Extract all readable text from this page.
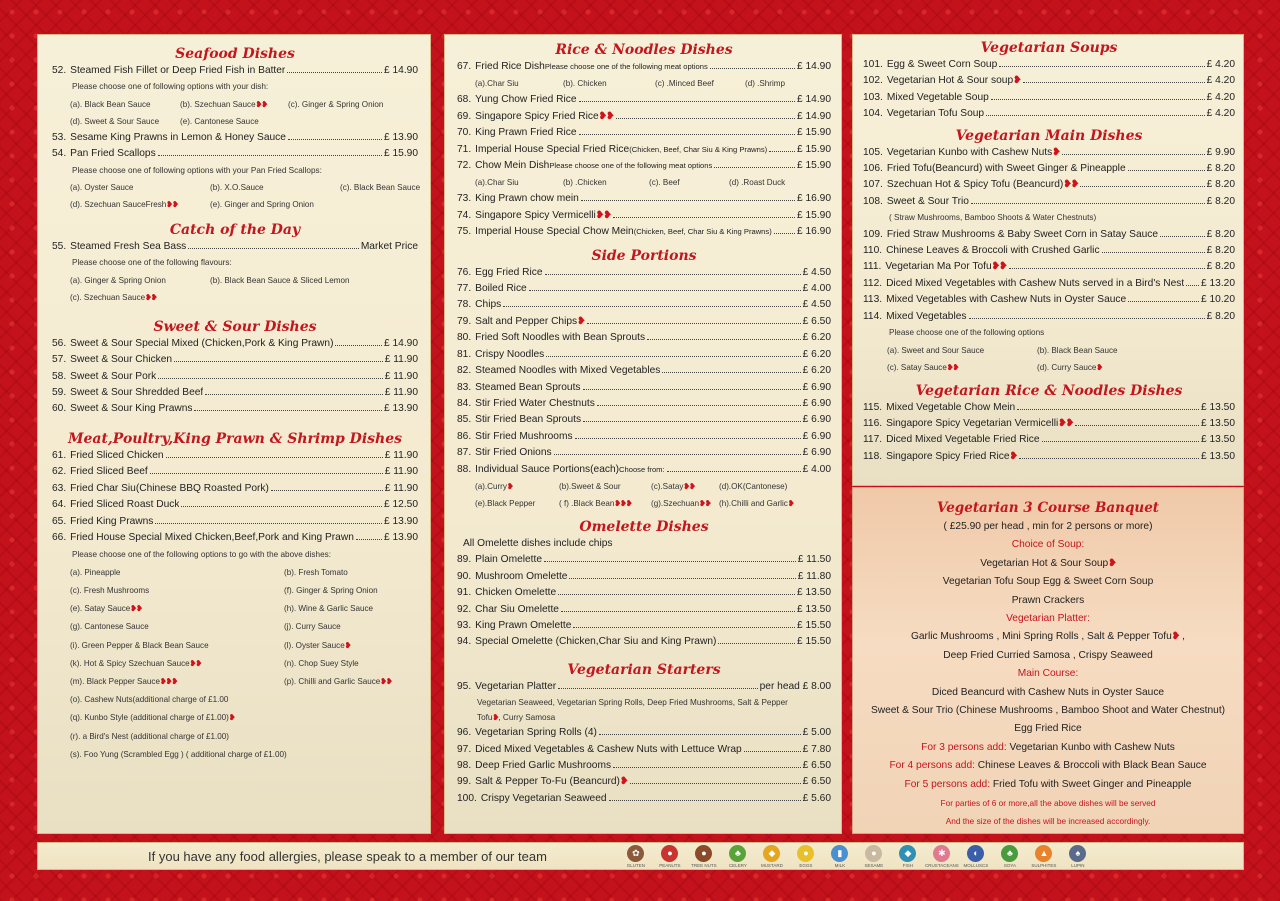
Seafood Dishes
52. Steamed Fish Fillet or Deep Fried Fish in Batter	£ 14.90
Please choose one of following options with your dish:
(a). Black Bean Sauce	(b). Szechuan Sauce❥❥	(c). Ginger & Spring Onion
(d). Sweet & Sour Sauce	(e). Cantonese Sauce
53. Sesame King Prawns in Lemon & Honey Sauce	£ 13.90
54. Pan Fried Scallops	£ 15.90
Please choose one of following options with your Pan Fried Scallops:
(a). Oyster Sauce	(b). X.O.Sauce	(c). Black Bean Sauce
(d). Szechuan SauceFresh❥❥	(e). Ginger and Spring Onion
Catch of the Day
55. Steamed Fresh Sea Bass	Market Price
Please choose one of the following flavours:
(a). Ginger & Spring Onion	(b). Black Bean Sauce & Sliced Lemon
(c). Szechuan Sauce❥❥
Sweet & Sour Dishes
56. Sweet & Sour Special Mixed (Chicken,Pork & King Prawn)	£ 14.90
57. Sweet & Sour Chicken	£ 11.90
58. Sweet & Sour Pork	£ 11.90
59. Sweet & Sour Shredded Beef	£ 11.90
60. Sweet & Sour King Prawns	£ 13.90
Meat,Poultry,King Prawn & Shrimp Dishes
61. Fried Sliced Chicken	£ 11.90
62. Fried Sliced Beef	£ 11.90
63. Fried Char Siu(Chinese BBQ Roasted Pork)	£ 11.90
64. Fried Sliced Roast Duck	£ 12.50
65. Fried King Prawns	£ 13.90
66. Fried House Special Mixed Chicken,Beef,Pork and King Prawn	£ 13.90
Please choose one of the following options to go with the above dishes:
(a). Pineapple	(b). Fresh Tomato
(c). Fresh Mushrooms	(f). Ginger & Spring Onion
(e). Satay Sauce❥❥	(h). Wine & Garlic Sauce
(g). Cantonese Sauce	(j). Curry Sauce
(i). Green Pepper & Black Bean Sauce	(l). Oyster Sauce❥
(k). Hot & Spicy Szechuan Sauce❥❥	(n). Chop Suey Style
(m). Black Pepper Sauce❥❥❥	(p). Chilli and Garlic Sauce❥❥
(o). Cashew Nuts(additional charge of £1.00
(q). Kunbo Style (additional charge of £1.00)❥
(r). a Bird's Nest (additional charge of £1.00)
(s). Foo Yung (Scrambled Egg ) ( additional charge of £1.00)
Rice & Noodles Dishes
67. Fried Rice Dish Please choose one of the following meat options	£ 14.90
(a).Char Siu	(b). Chicken	(c) .Minced Beef	(d) .Shrimp
68. Yung Chow Fried Rice	£ 14.90
69. Singapore Spicy Fried Rice ❥❥	£ 14.90
70. King Prawn Fried Rice	£ 15.90
71. Imperial House Special Fried Rice (Chicken, Beef, Char Siu & King Prawns)	£ 15.90
72. Chow Mein Dish Please choose one of the following meat options	£ 15.90
(a).Char Siu	(b) .Chicken	(c). Beef	(d) .Roast Duck
73. King Prawn chow mein	£ 16.90
74. Singapore Spicy Vermicelli ❥❥	£ 15.90
75. Imperial House Special Chow Mein (Chicken, Beef, Char Siu & King Prawns) £ 16.90
Side Portions
76. Egg Fried Rice	£ 4.50
77. Boiled Rice	£ 4.00
78. Chips	£ 4.50
79. Salt and Pepper Chips ❥	£ 6.50
80. Fried Soft Noodles with Bean Sprouts	£ 6.20
81. Crispy Noodles	£ 6.20
82. Steamed Noodles with Mixed Vegetables	£ 6.20
83. Steamed Bean Sprouts	£ 6.90
84. Stir Fried Water Chestnuts	£ 6.90
85. Stir Fried Bean Sprouts	£ 6.90
86. Stir Fried Mushrooms	£ 6.90
87. Stir Fried Onions	£ 6.90
88. Individual Sauce Portions(each) Choose from:	£ 4.00
(a).Curry❥	(b).Sweet & Sour	(c).Satay❥❥	(d).OK(Cantonese)
(e).Black Pepper	( f) .Black Bean❥❥❥	(g).Szechuan❥❥	(h).Chilli and Garlic❥
Omelette Dishes
All Omelette dishes include chips
89. Plain Omelette	£ 11.50
90. Mushroom Omelette	£ 11.80
91. Chicken Omelette	£ 13.50
92. Char Siu Omelette	£ 13.50
93. King Prawn Omelette	£ 15.50
94. Special Omelette (Chicken,Char Siu and King Prawn)	£ 15.50
Vegetarian Starters
95. Vegetarian Platter	per head £ 8.00
Vegetarian Seaweed, Vegetarian Spring Rolls, Deep Fried Mushrooms, Salt & Pepper
Tofu❥, Curry Samosa
96. Vegetarian Spring Rolls (4)	£ 5.00
97. Diced Mixed Vegetables & Cashew Nuts with Lettuce Wrap	£ 7.80
98. Deep Fried Garlic Mushrooms	£ 6.50
99. Salt & Pepper To-Fu (Beancurd) ❥	£ 6.50
100. Crispy Vegetarian Seaweed	£ 5.60
Vegetarian Soups
101. Egg & Sweet Corn Soup	£ 4.20
102. Vegetarian Hot & Sour soup ❥	£ 4.20
103. Mixed Vegetable Soup	£ 4.20
104. Vegetarian Tofu Soup	£ 4.20
Vegetarian Main Dishes
105. Vegetarian Kunbo with Cashew Nuts ❥	£ 9.90
106. Fried Tofu(Beancurd) with Sweet Ginger & Pineapple	£ 8.20
107. Szechuan Hot & Spicy Tofu (Beancurd) ❥❥	£ 8.20
108. Sweet & Sour Trio	£ 8.20
( Straw Mushrooms, Bamboo Shoots & Water Chestnuts)
109. Fried Straw Mushrooms & Baby Sweet Corn in Satay Sauce	£ 8.20
110. Chinese Leaves & Broccoli with Crushed Garlic	£ 8.20
111. Vegetarian Ma Por Tofu ❥❥	£ 8.20
112. Diced Mixed Vegetables with Cashew Nuts served in a Bird's Nest £ 13.20
113. Mixed Vegetables with Cashew Nuts in Oyster Sauce	£ 10.20
114. Mixed Vegetables	£ 8.20
Please choose one of the following options
(a). Sweet and Sour Sauce	(b). Black Bean Sauce
(c). Satay Sauce❥❥	(d). Curry Sauce❥
Vegetarian Rice & Noodles Dishes
115. Mixed Vegetable Chow Mein	£ 13.50
116. Singapore Spicy Vegetarian Vermicelli ❥❥	£ 13.50
117. Diced Mixed Vegetable Fried Rice	£ 13.50
118. Singapore Spicy Fried Rice ❥	£ 13.50
Vegetarian 3 Course Banquet
( £25.90 per head , min for 2 persons or more)
Choice of Soup:
Vegetarian Hot & Sour Soup❥
Vegetarian Tofu Soup Egg & Sweet Corn Soup
Prawn Crackers
Vegetarian Platter:
Garlic Mushrooms , Mini Spring Rolls , Salt & Pepper Tofu❥ ,
Deep Fried Curried Samosa , Crispy Seaweed
Main Course:
Diced Beancurd with Cashew Nuts in Oyster Sauce
Sweet & Sour Trio (Chinese Mushrooms , Bamboo Shoot and Water Chestnut)
Egg Fried Rice
For 3 persons add: Vegetarian Kunbo with Cashew Nuts
For 4 persons add: Chinese Leaves & Broccoli with Black Bean Sauce
For 5 persons add: Fried Tofu with Sweet Ginger and Pineapple
For parties of 6 or more,all the above dishes will be served
And the size of the dishes will be increased accordingly.
If you have any food allergies, please speak to a member of our team	✿
GLUTEN
●
PEANUTS
●
TREE NUTS
♣
CELERY
◆
MUSTARD
●
EGGS
▮
MILK
●
SESAME
◆
FISH
✱
CRUSTACEANS
◐
MOLLUSCS
♣
SOYA
▲
SULPHITES
♠
LUPIN
